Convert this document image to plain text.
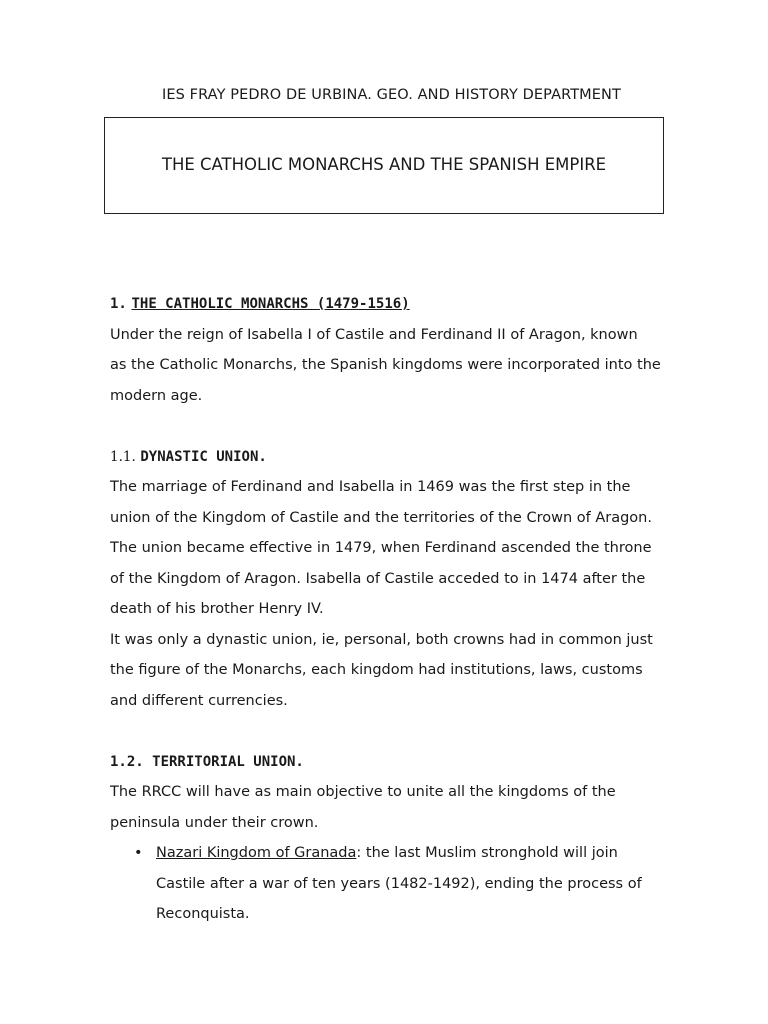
IES FRAY PEDRO DE URBINA. GEO. AND HISTORY DEPARTMENT
THE CATHOLIC MONARCHS AND THE SPANISH EMPIRE

1. THE CATHOLIC MONARCHS (1479-1516)

Under the reign of Isabella I of Castile and Ferdinand II of Aragon, known

as the Catholic Monarchs, the Spanish kingdoms were incorporated into the

modern age.

1.1. DYNASTIC UNION.

The marriage of Ferdinand and Isabella in 1469 was the first step in the

union of the Kingdom of Castile and the territories of the Crown of Aragon.

The union became effective in 1479, when Ferdinand ascended the throne

of the Kingdom of Aragon. Isabella of Castile acceded to in 1474 after the

death of his brother Henry IV.

It was only a dynastic union, ie, personal, both crowns had in common just

the figure of the Monarchs, each kingdom had institutions, laws, customs

and different currencies.

1.2. TERRITORIAL UNION.

The RRCC will have as main objective to unite all the kingdoms of the

peninsula under their crown.

• Nazari Kingdom of Granada: the last Muslim stronghold will join

Castile after a war of ten years (1482-1492), ending the process of

Reconquista.
